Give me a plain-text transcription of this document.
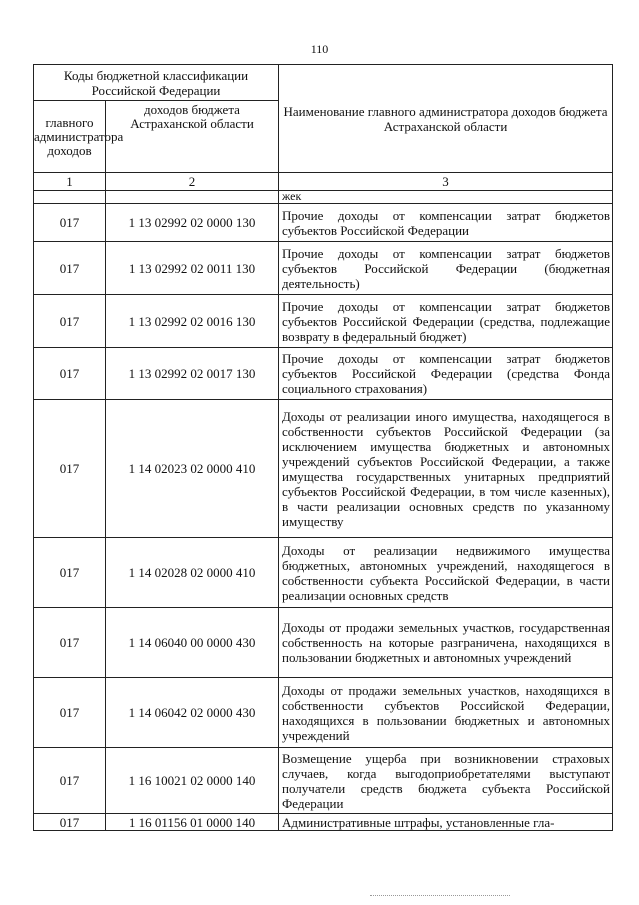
110
Коды бюджетной классификации Российской Федерации		Наименование главного администратора доходов бюджета Астраханской области
главного администратора доходов	доходов бюджета Астраханской области	
1	2	3
		жек
017	1 13 02992 02 0000 130	Прочие доходы от компенсации затрат бюджетов субъектов Российской Федерации
017	1 13 02992 02 0011 130	Прочие доходы от компенсации затрат бюджетов субъектов Российской Федерации (бюджетная деятельность)
017	1 13 02992 02 0016 130	Прочие доходы от компенсации затрат бюджетов субъектов Российской Федерации (средства, подлежащие возврату в федеральный бюджет)
017	1 13 02992 02 0017 130	Прочие доходы от компенсации затрат бюджетов субъектов Российской Федерации (средства Фонда социального страхования)
017	1 14 02023 02 0000 410	Доходы от реализации иного имущества, находящегося в собственности субъектов Российской Федерации (за исключением имущества бюджетных и автономных учреждений субъектов Российской Федерации, а также имущества государственных унитарных предприятий субъектов Российской Федерации, в том числе казенных), в части реализации основных средств по указанному имуществу
017	1 14 02028 02 0000 410	Доходы от реализации недвижимого имущества бюджетных, автономных учреждений, находящегося в собственности субъекта Российской Федерации, в части реализации основных средств
017	1 14 06040 00 0000 430	Доходы от продажи земельных участков, государственная собственность на которые разграничена, находящихся в пользовании бюджетных и автономных учреждений
017	1 14 06042 02 0000 430	Доходы от продажи земельных участков, находящихся в собственности субъектов Российской Федерации, находящихся в пользовании бюджетных и автономных учреждений
017	1 16 10021 02 0000 140	Возмещение ущерба при возникновении страховых случаев, когда выгодоприобретателями выступают получатели средств бюджета субъекта Российской Федерации
017	1 16 01156 01 0000 140	Административные штрафы, установленные гла-
